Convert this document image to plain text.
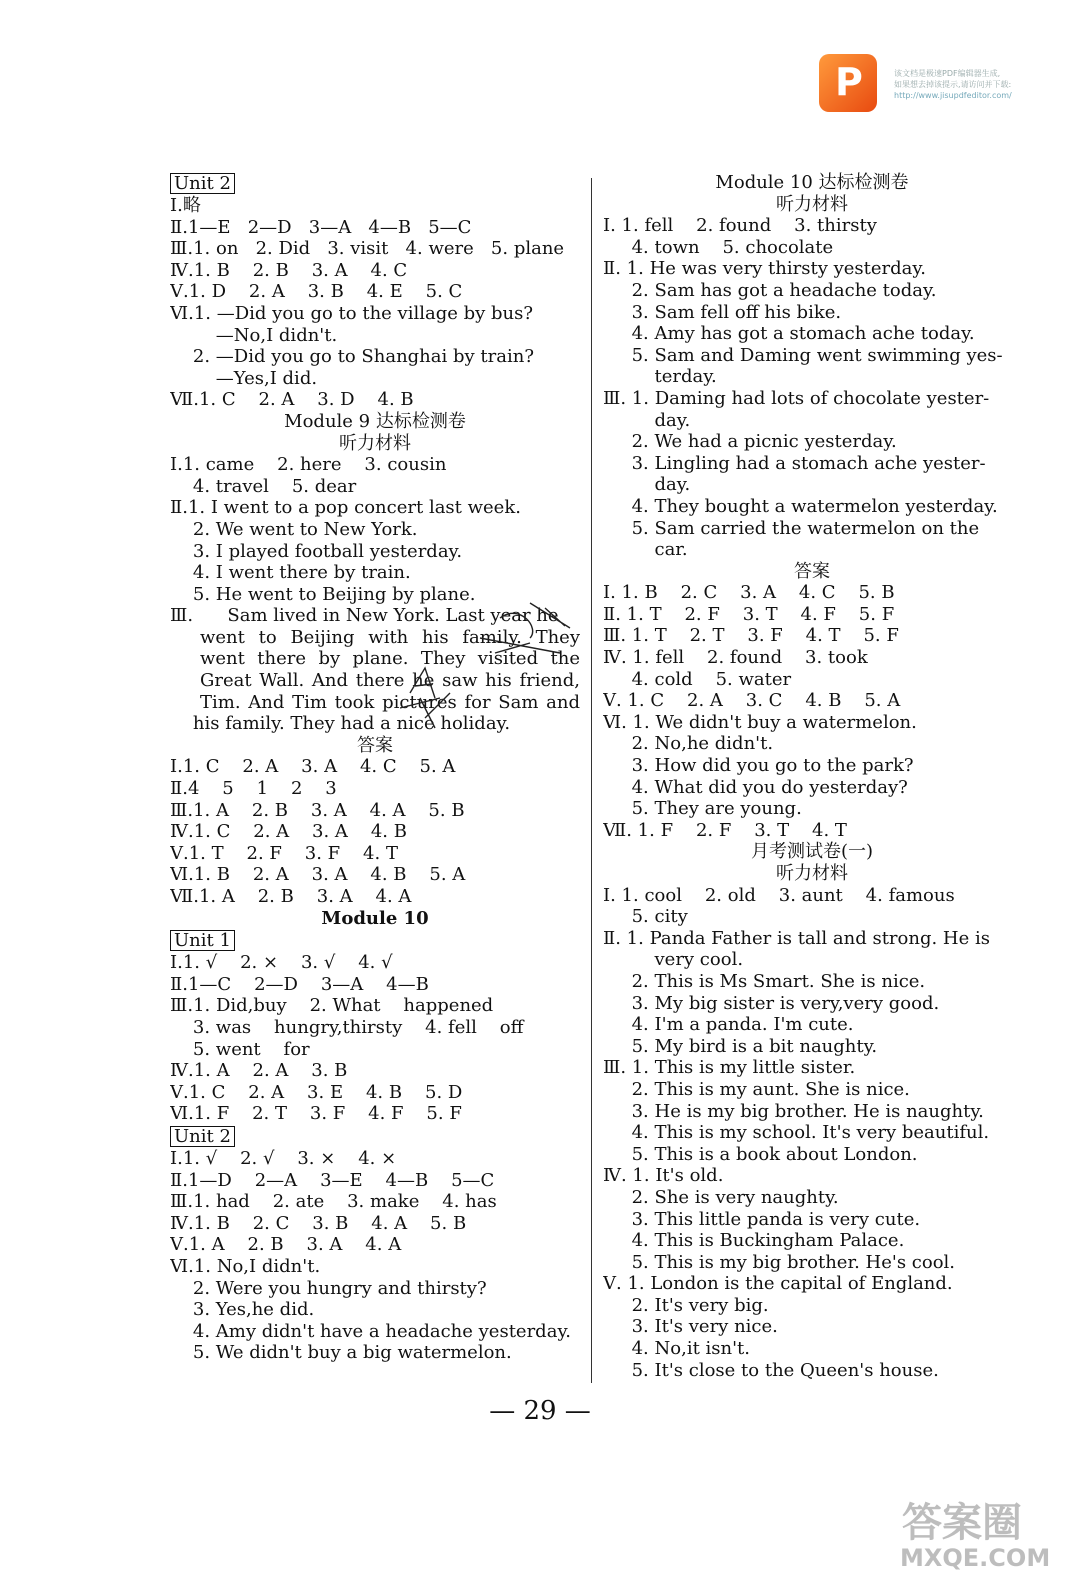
P	该文档是极速PDF编辑器生成,
如果想去掉该提示,请访问并下载:
http://www.jisupdfeditor.com/
Unit 2
Ⅰ.略
Ⅱ.1—E   2—D   3—A   4—B   5—C
Ⅲ.1. on   2. Did   3. visit   4. were   5. plane
Ⅳ.1. B    2. B    3. A    4. C
Ⅴ.1. D    2. A    3. B    4. E    5. C
Ⅵ.1. —Did you go to the village by bus?
—No,I didn't.
2. —Did you go to Shanghai by train?
—Yes,I did.
Ⅶ.1. C    2. A    3. D    4. B
Module 9 达标检测卷
听力材料
Ⅰ.1. came    2. here    3. cousin
4. travel    5. dear
Ⅱ.1. I went to a pop concert last week.
2. We went to New York.
3. I played football yesterday.
4. I went there by train.
5. He went to Beijing by plane.
Ⅲ.      Sam lived in New York. Last year he
went to Beijing with his family. They
went there by plane. They visited the
Great Wall. And there he saw his friend,
Tim. And Tim took pictures for Sam and
his family. They had a nice holiday.
答案
Ⅰ.1. C    2. A    3. A    4. C    5. A
Ⅱ.4    5    1    2    3
Ⅲ.1. A    2. B    3. A    4. A    5. B
Ⅳ.1. C    2. A    3. A    4. B
Ⅴ.1. T    2. F    3. F    4. T
Ⅵ.1. B    2. A    3. A    4. B    5. A
Ⅶ.1. A    2. B    3. A    4. A
Module 10
Unit 1
Ⅰ.1. √    2. ×    3. √    4. √
Ⅱ.1—C    2—D    3—A    4—B
Ⅲ.1. Did,buy    2. What    happened
3. was    hungry,thirsty    4. fell    off
5. went    for
Ⅳ.1. A    2. A    3. B
Ⅴ.1. C    2. A    3. E    4. B    5. D
Ⅵ.1. F    2. T    3. F    4. F    5. F
Unit 2
Ⅰ.1. √    2. √    3. ×    4. ×
Ⅱ.1—D    2—A    3—E    4—B    5—C
Ⅲ.1. had    2. ate    3. make    4. has
Ⅳ.1. B    2. C    3. B    4. A    5. B
Ⅴ.1. A    2. B    3. A    4. A
Ⅵ.1. No,I didn't.
2. Were you hungry and thirsty?
3. Yes,he did.
4. Amy didn't have a headache yesterday.
5. We didn't buy a big watermelon.
Module 10 达标检测卷
听力材料
Ⅰ. 1. fell    2. found    3. thirsty
4. town    5. chocolate
Ⅱ. 1. He was very thirsty yesterday.
2. Sam has got a headache today.
3. Sam fell off his bike.
4. Amy has got a stomach ache today.
5. Sam and Daming went swimming yes-
terday.
Ⅲ. 1. Daming had lots of chocolate yester-
day.
2. We had a picnic yesterday.
3. Lingling had a stomach ache yester-
day.
4. They bought a watermelon yesterday.
5. Sam carried the watermelon on the
car.
答案
Ⅰ. 1. B    2. C    3. A    4. C    5. B
Ⅱ. 1. T    2. F    3. T    4. F    5. F
Ⅲ. 1. T    2. T    3. F    4. T    5. F
Ⅳ. 1. fell    2. found    3. took
4. cold    5. water
Ⅴ. 1. C    2. A    3. C    4. B    5. A
Ⅵ. 1. We didn't buy a watermelon.
2. No,he didn't.
3. How did you go to the park?
4. What did you do yesterday?
5. They are young.
Ⅶ. 1. F    2. F    3. T    4. T
月考测试卷(一)
听力材料
Ⅰ. 1. cool    2. old    3. aunt    4. famous
5. city
Ⅱ. 1. Panda Father is tall and strong. He is
very cool.
2. This is Ms Smart. She is nice.
3. My big sister is very,very good.
4. I'm a panda. I'm cute.
5. My bird is a bit naughty.
Ⅲ. 1. This is my little sister.
2. This is my aunt. She is nice.
3. He is my big brother. He is naughty.
4. This is my school. It's very beautiful.
5. This is a book about London.
Ⅳ. 1. It's old.
2. She is very naughty.
3. This little panda is very cute.
4. This is Buckingham Palace.
5. This is my big brother. He's cool.
Ⅴ. 1. London is the capital of England.
2. It's very big.
3. It's very nice.
4. No,it isn't.
5. It's close to the Queen's house.
— 29 —
答案圈
MXQE.COM
